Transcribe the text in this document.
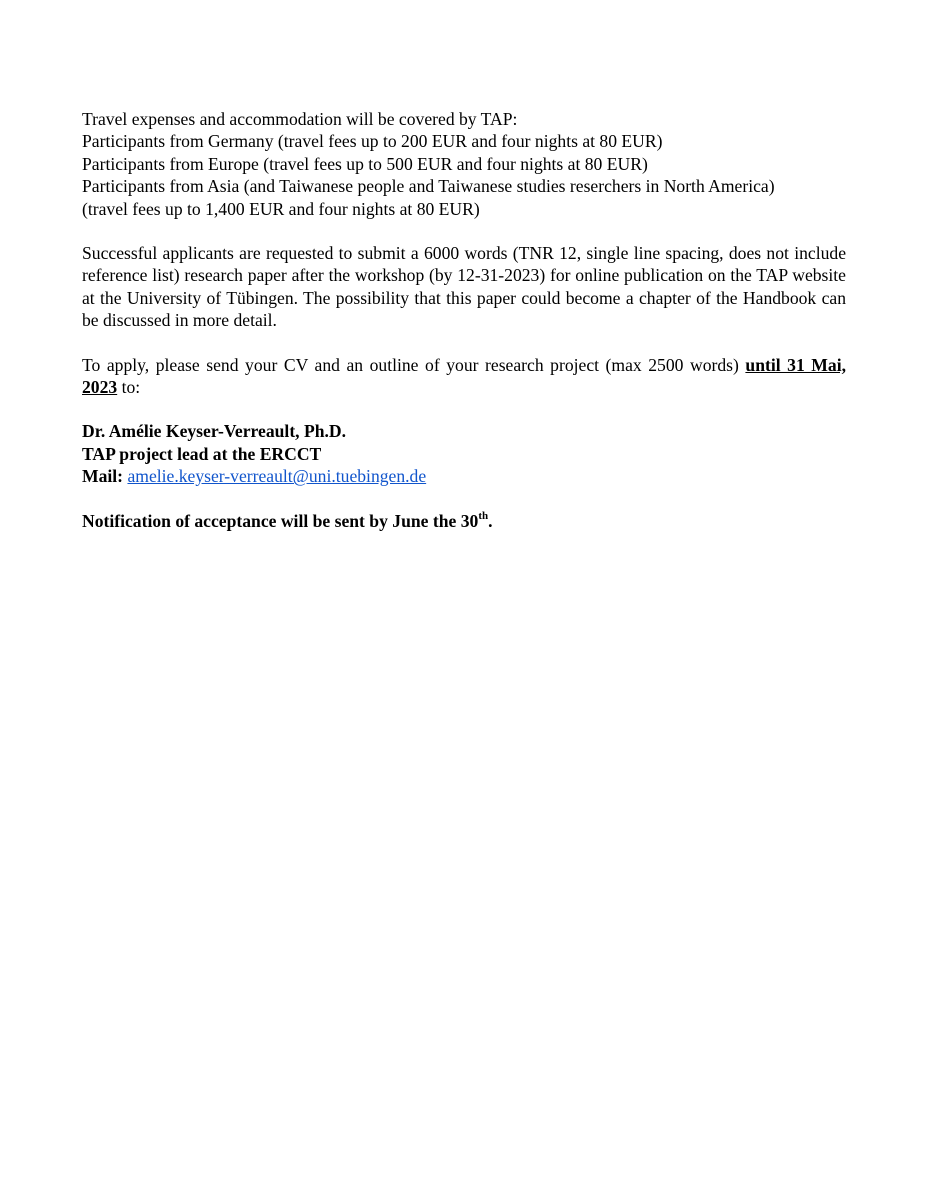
Travel expenses and accommodation will be covered by TAP:
Participants from Germany (travel fees up to 200 EUR and four nights at 80 EUR)
Participants from Europe (travel fees up to 500 EUR and four nights at 80 EUR)
Participants from Asia (and Taiwanese people and Taiwanese studies reserchers in North America)
(travel fees up to 1,400 EUR and four nights at 80 EUR)

Successful applicants are requested to submit a 6000 words (TNR 12, single line spacing, does not include reference list) research paper after the workshop (by 12-31-2023) for online publication on the TAP website at the University of Tübingen. The possibility that this paper could become a chapter of the Handbook can be discussed in more detail.

To apply, please send your CV and an outline of your research project (max 2500 words) until 31 Mai, 2023 to:

Dr. Amélie Keyser-Verreault, Ph.D.
TAP project lead at the ERCCT
Mail: amelie.keyser-verreault@uni.tuebingen.de

Notification of acceptance will be sent by June the 30th.
